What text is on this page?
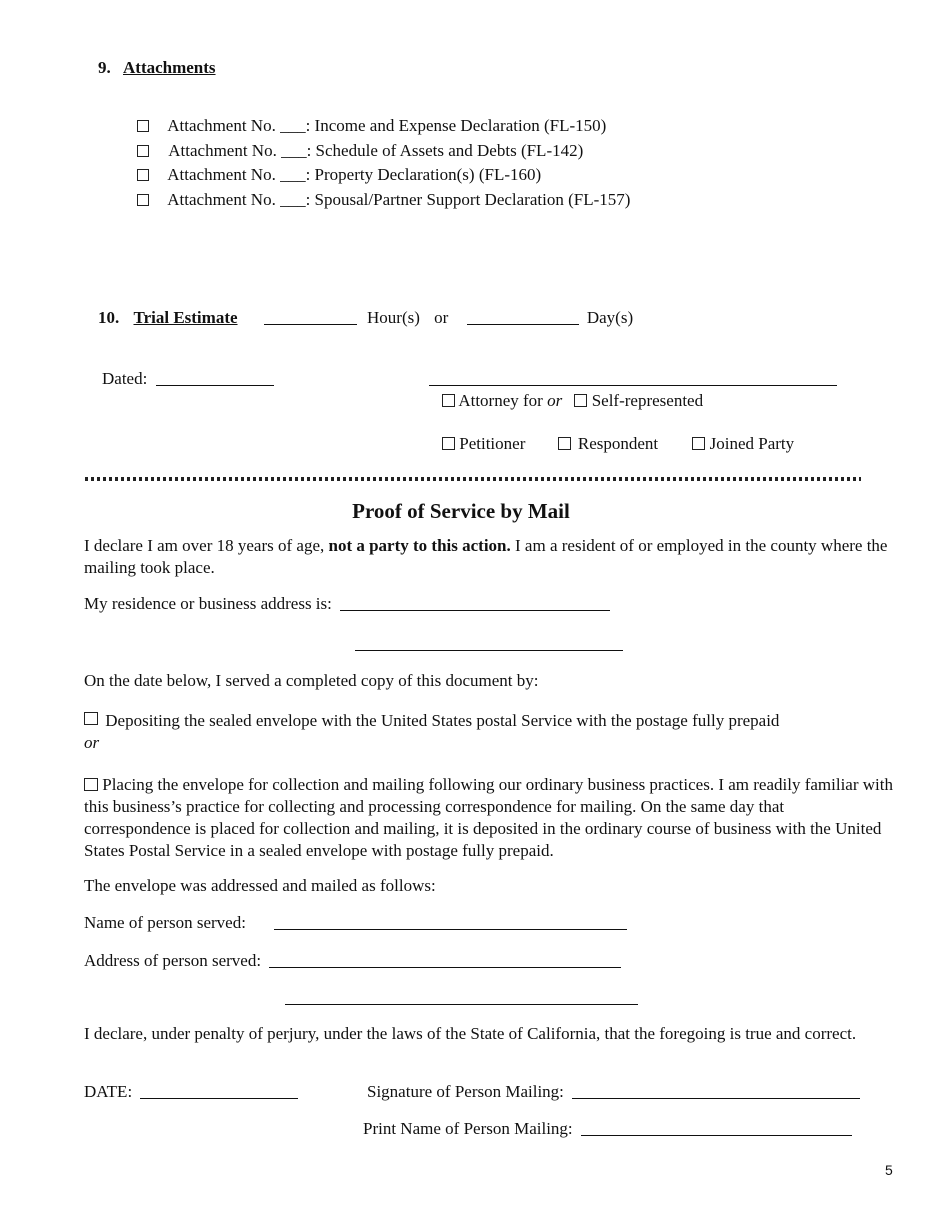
9. Attachments
Attachment No. ___: Income and Expense Declaration (FL-150)
Attachment No. ___: Schedule of Assets and Debts (FL-142)
Attachment No. ___: Property Declaration(s) (FL-160)
Attachment No. ___: Spousal/Partner Support Declaration (FL-157)
10. Trial Estimate	Hour(s) or	Day(s)
Dated:
Attorney for or Self-represented
Petitioner	Respondent	Joined Party
Proof of Service by Mail
I declare I am over 18 years of age, not a party to this action. I am a resident of or employed in the county where the mailing took place.
My residence or business address is:
On the date below, I served a completed copy of this document by:
Depositing the sealed envelope with the United States postal Service with the postage fully prepaid
or
Placing the envelope for collection and mailing following our ordinary business practices. I am readily familiar with this business’s practice for collecting and processing correspondence for mailing. On the same day that correspondence is placed for collection and mailing, it is deposited in the ordinary course of business with the United States Postal Service in a sealed envelope with postage fully prepaid.
The envelope was addressed and mailed as follows:
Name of person served:
Address of person served:
I declare, under penalty of perjury, under the laws of the State of California, that the foregoing is true and correct.
DATE:	Signature of Person Mailing:
Print Name of Person Mailing:
5
